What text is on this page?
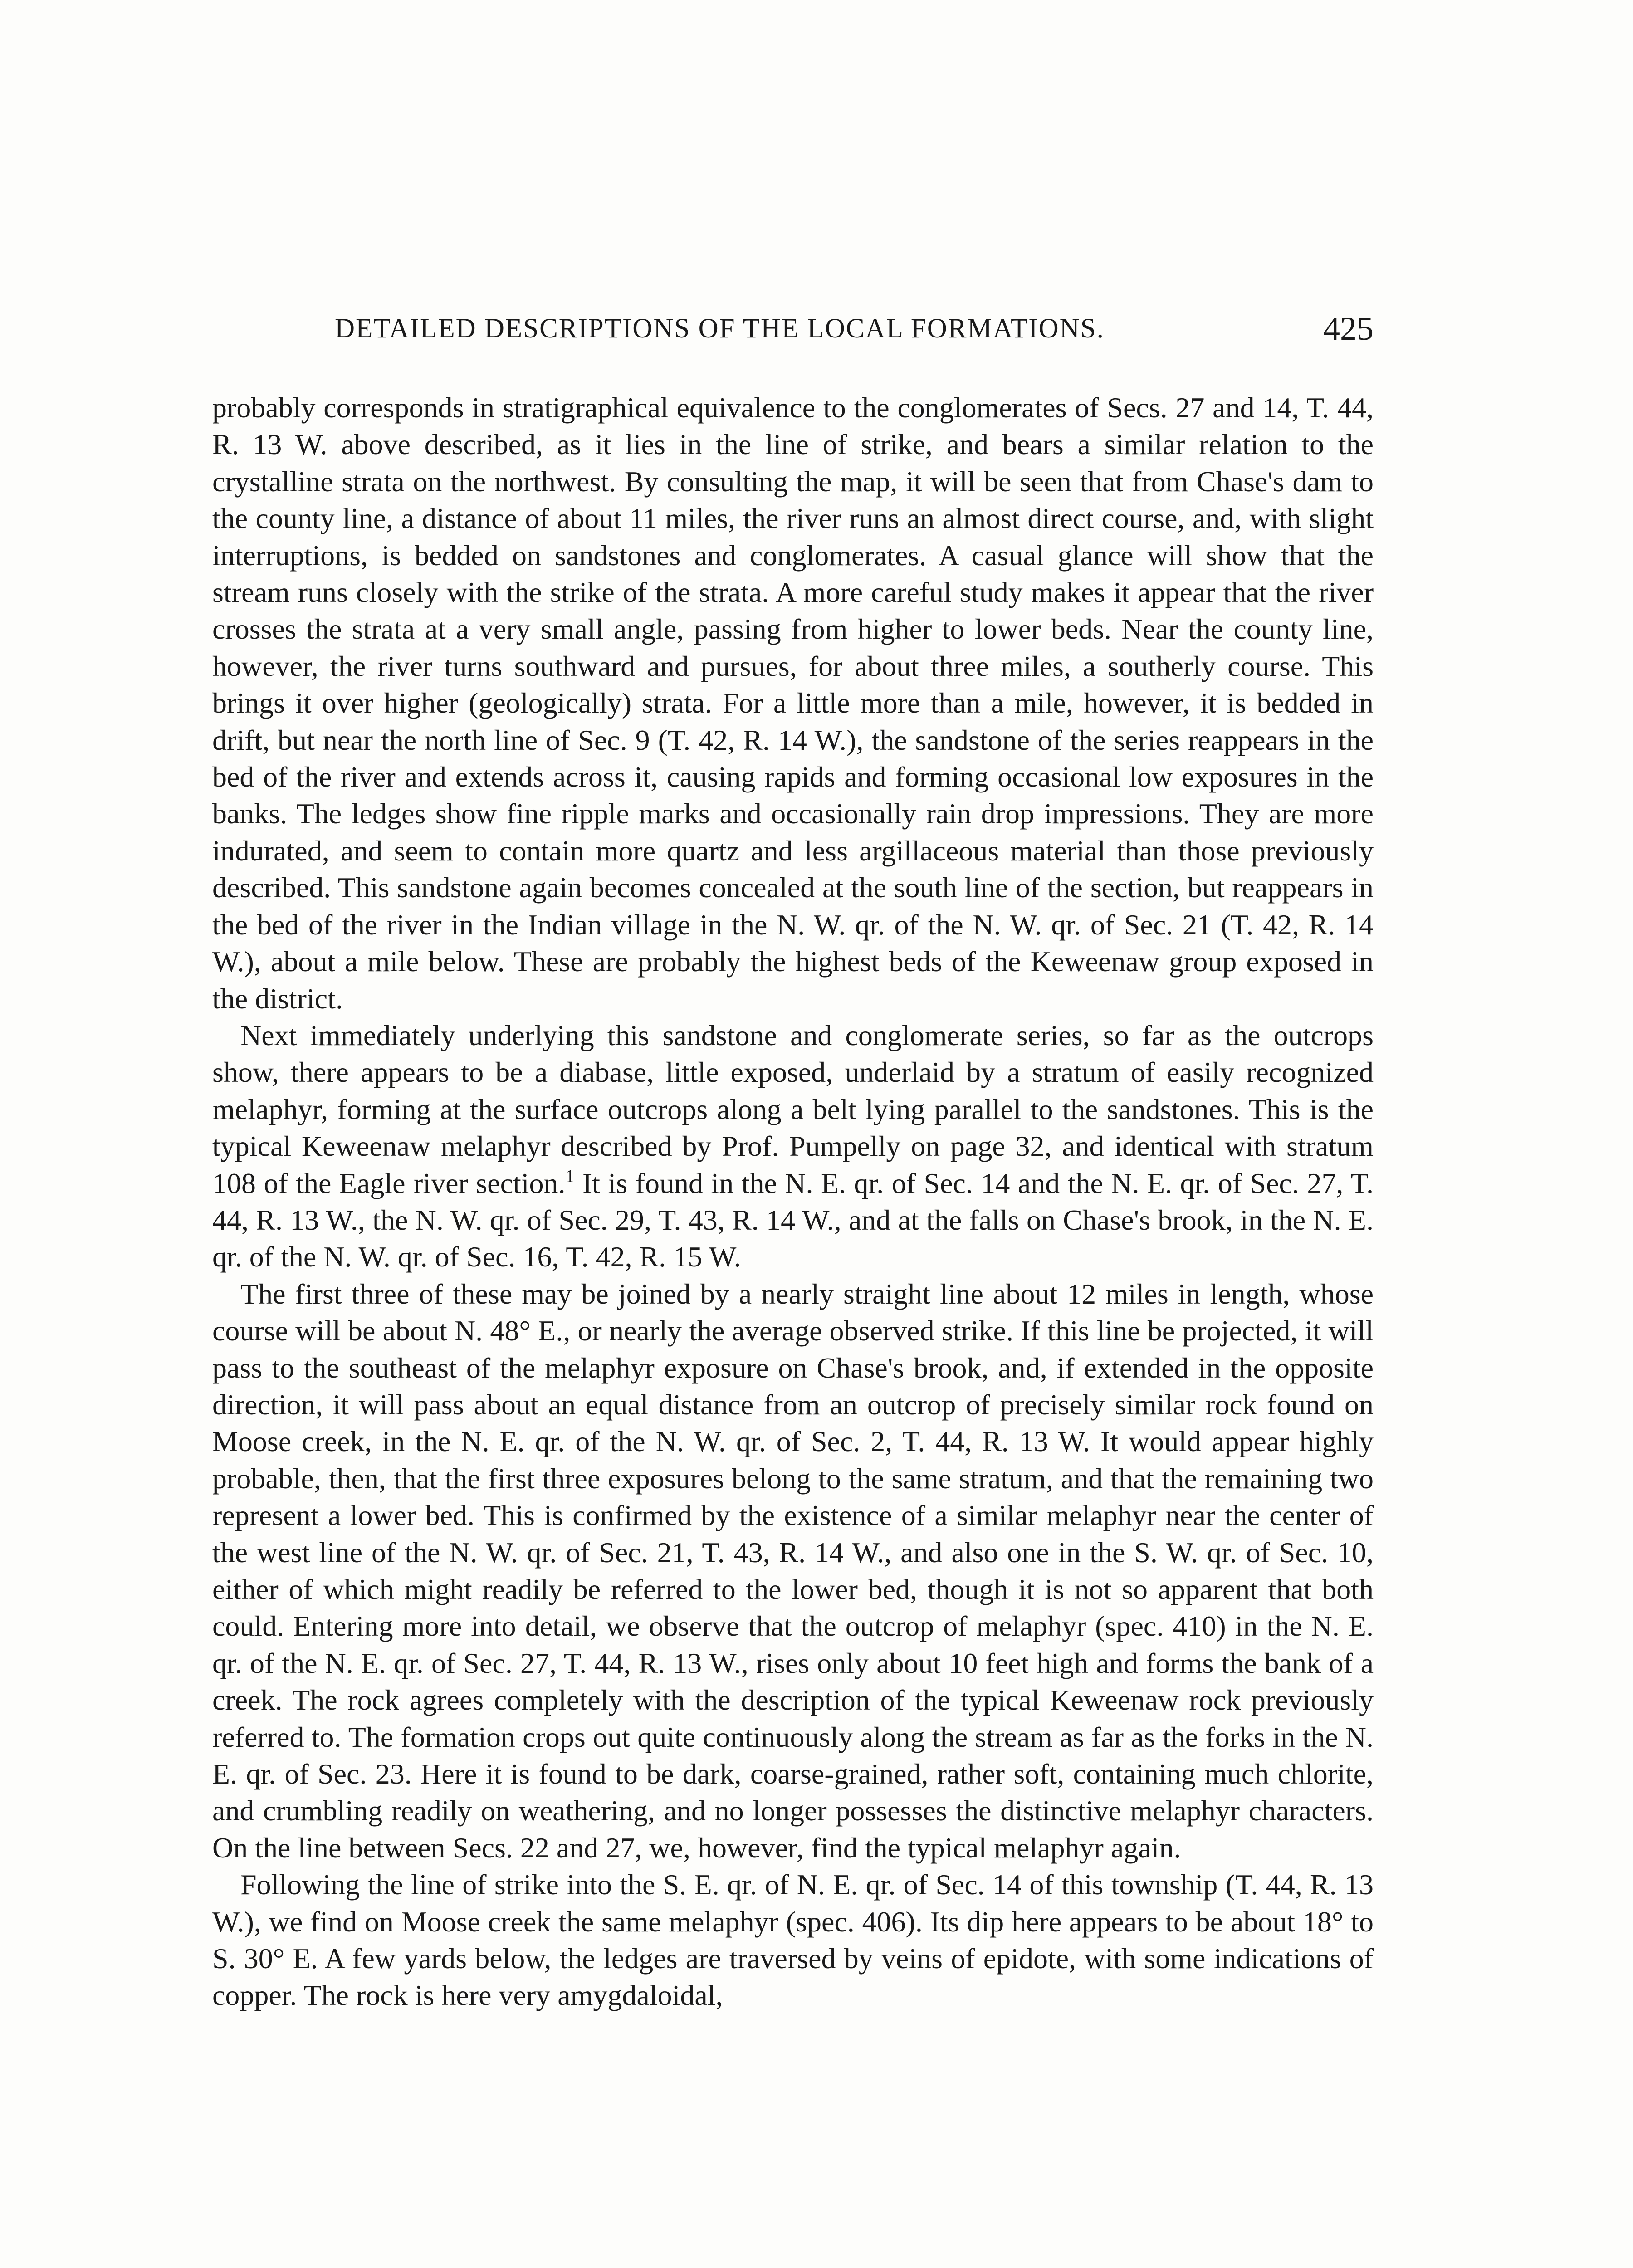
DETAILED DESCRIPTIONS OF THE LOCAL FORMATIONS.	425

probably corresponds in stratigraphical equivalence to the conglomerates of Secs. 27 and 14, T. 44, R. 13 W. above described, as it lies in the line of strike, and bears a similar relation to the crystalline strata on the northwest. By consulting the map, it will be seen that from Chase's dam to the county line, a distance of about 11 miles, the river runs an almost direct course, and, with slight interruptions, is bedded on sandstones and conglomerates. A casual glance will show that the stream runs closely with the strike of the strata. A more careful study makes it appear that the river crosses the strata at a very small angle, passing from higher to lower beds. Near the county line, however, the river turns southward and pursues, for about three miles, a southerly course. This brings it over higher (geologically) strata. For a little more than a mile, however, it is bedded in drift, but near the north line of Sec. 9 (T. 42, R. 14 W.), the sandstone of the series reappears in the bed of the river and extends across it, causing rapids and forming occasional low exposures in the banks. The ledges show fine ripple marks and occasionally rain drop impressions. They are more indurated, and seem to contain more quartz and less argillaceous material than those previously described. This sandstone again becomes concealed at the south line of the section, but reappears in the bed of the river in the Indian village in the N. W. qr. of the N. W. qr. of Sec. 21 (T. 42, R. 14 W.), about a mile below. These are probably the highest beds of the Keweenaw group exposed in the district.

Next immediately underlying this sandstone and conglomerate series, so far as the outcrops show, there appears to be a diabase, little exposed, underlaid by a stratum of easily recognized melaphyr, forming at the surface outcrops along a belt lying parallel to the sandstones. This is the typical Keweenaw melaphyr described by Prof. Pumpelly on page 32, and identical with stratum 108 of the Eagle river section.$^1$ It is found in the N. E. qr. of Sec. 14 and the N. E. qr. of Sec. 27, T. 44, R. 13 W., the N. W. qr. of Sec. 29, T. 43, R. 14 W., and at the falls on Chase's brook, in the N. E. qr. of the N. W. qr. of Sec. 16, T. 42, R. 15 W.

The first three of these may be joined by a nearly straight line about 12 miles in length, whose course will be about N. 48° E., or nearly the average observed strike. If this line be projected, it will pass to the southeast of the melaphyr exposure on Chase's brook, and, if extended in the opposite direction, it will pass about an equal distance from an outcrop of precisely similar rock found on Moose creek, in the N. E. qr. of the N. W. qr. of Sec. 2, T. 44, R. 13 W. It would appear highly probable, then, that the first three exposures belong to the same stratum, and that the remaining two represent a lower bed. This is confirmed by the existence of a similar melaphyr near the center of the west line of the N. W. qr. of Sec. 21, T. 43, R. 14 W., and also one in the S. W. qr. of Sec. 10, either of which might readily be referred to the lower bed, though it is not so apparent that both could. Entering more into detail, we observe that the outcrop of melaphyr (spec. 410) in the N. E. qr. of the N. E. qr. of Sec. 27, T. 44, R. 13 W., rises only about 10 feet high and forms the bank of a creek. The rock agrees completely with the description of the typical Keweenaw rock previously referred to. The formation crops out quite continuously along the stream as far as the forks in the N. E. qr. of Sec. 23. Here it is found to be dark, coarse-grained, rather soft, containing much chlorite, and crumbling readily on weathering, and no longer possesses the distinctive melaphyr characters. On the line between Secs. 22 and 27, we, however, find the typical melaphyr again.

Following the line of strike into the S. E. qr. of N. E. qr. of Sec. 14 of this township (T. 44, R. 13 W.), we find on Moose creek the same melaphyr (spec. 406). Its dip here appears to be about 18° to S. 30° E. A few yards below, the ledges are traversed by veins of epidote, with some indications of copper. The rock is here very amygdaloidal,
